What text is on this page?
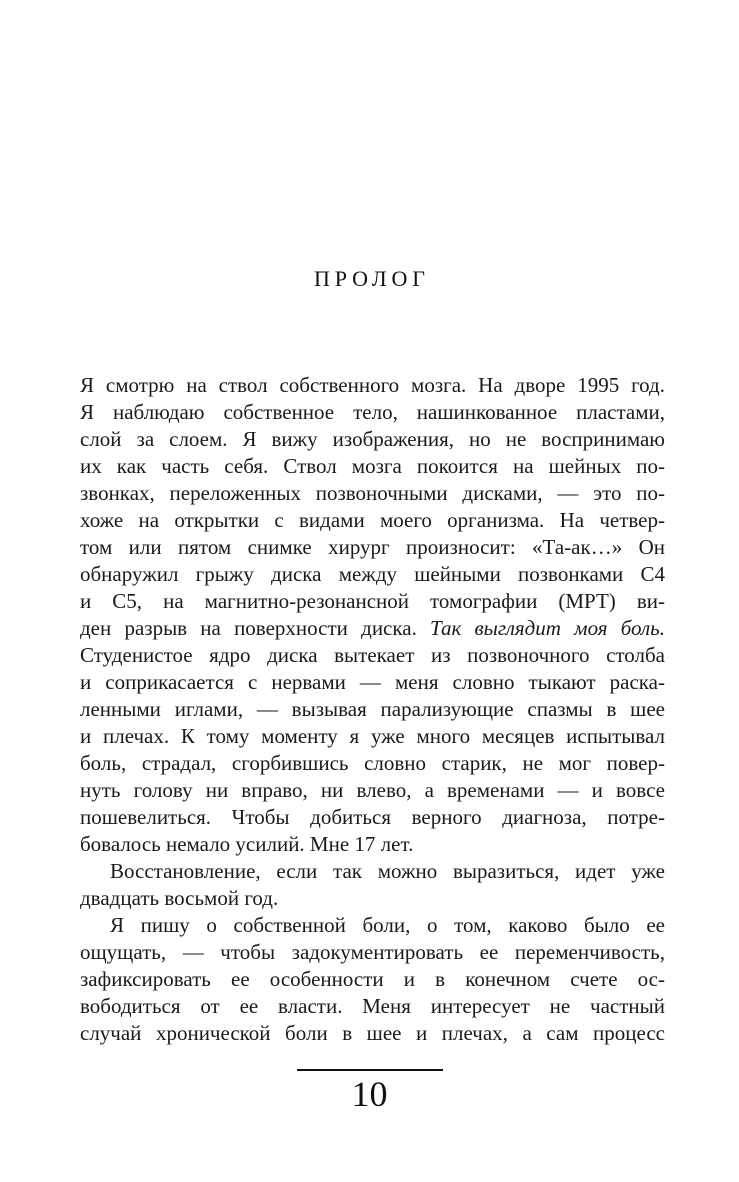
ПРОЛОГ
Я смотрю на ствол собственного мозга. На дворе 1995 год.
Я наблюдаю собственное тело, нашинкованное пластами,
слой за слоем. Я вижу изображения, но не воспринимаю
их как часть себя. Ствол мозга покоится на шейных по-
звонках, переложенных позвоночными дисками, — это по-
хоже на открытки с видами моего организма. На четвер-
том или пятом снимке хирург произносит: «Та-ак…» Он
обнаружил грыжу диска между шейными позвонками C4
и C5, на магнитно-резонансной томографии (МРТ) ви-
ден разрыв на поверхности диска. Так выглядит моя боль.
Студенистое ядро диска вытекает из позвоночного столба
и соприкасается с нервами — меня словно тыкают раска-
ленными иглами, — вызывая парализующие спазмы в шее
и плечах. К тому моменту я уже много месяцев испытывал
боль, страдал, сгорбившись словно старик, не мог повер-
нуть голову ни вправо, ни влево, а временами — и вовсе
пошевелиться. Чтобы добиться верного диагноза, потре-
бовалось немало усилий. Мне 17 лет.
Восстановление, если так можно выразиться, идет уже
двадцать восьмой год.
Я пишу о собственной боли, о том, каково было ее
ощущать, — чтобы задокументировать ее переменчивость,
зафиксировать ее особенности и в конечном счете ос-
вободиться от ее власти. Меня интересует не частный
случай хронической боли в шее и плечах, а сам процесс
10
